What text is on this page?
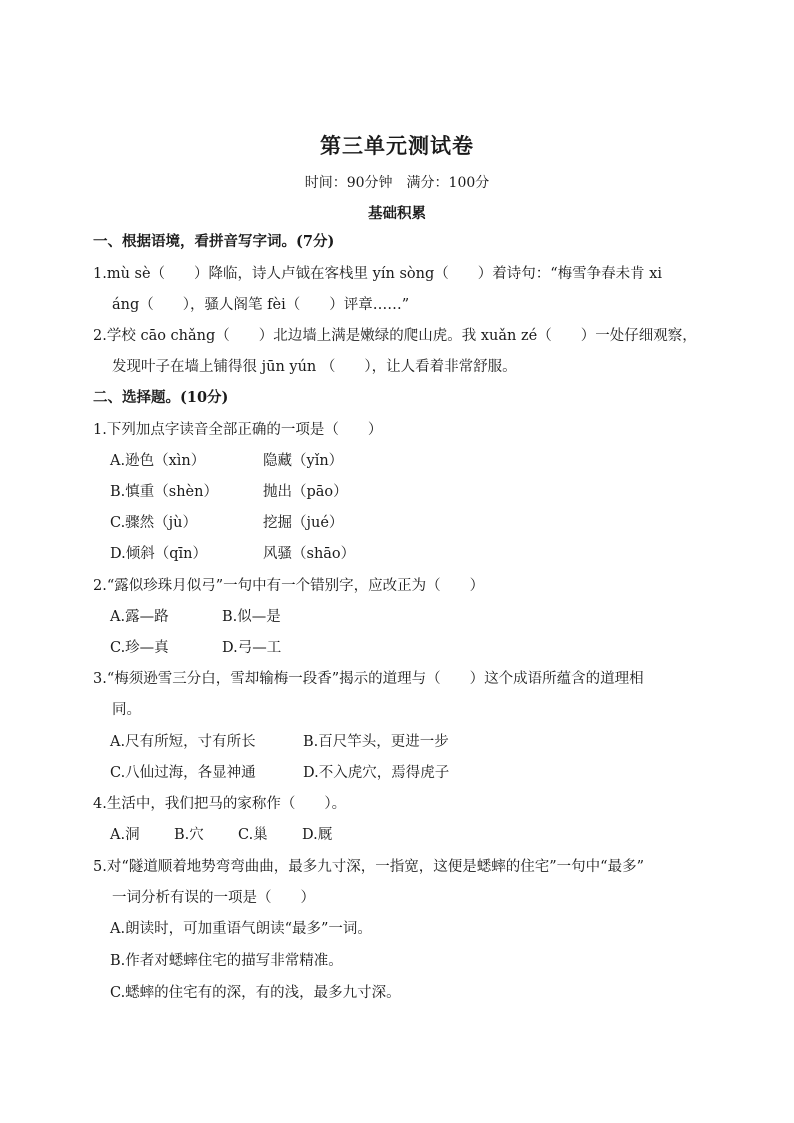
第三单元测试卷
时间：90分钟　满分：100分
基础积累
一、根据语境，看拼音写字词。(7分)
1.mù sè（　　）降临，诗人卢钺在客栈里 yín sòng（　　）着诗句：“梅雪争春未肯 xi
áng（　　），骚人阁笔 fèi（　　）评章……”
2.学校 cāo chǎng（　　）北边墙上满是嫩绿的爬山虎。我 xuǎn zé（　　）一处仔细观察，
发现叶子在墙上铺得很 jūn yún （　　），让人看着非常舒服。
二、选择题。(10分)
1.下列加点字读音全部正确的一项是（　　）
A.逊色（xìn）	隐藏（yǐn）
B.慎重（shèn）	抛出（pāo）
C.骤然（jù）	挖掘（jué）
D.倾斜（qīn）	风骚（shāo）
2.“露似珍珠月似弓”一句中有一个错别字，应改正为（　　）
A.露—路	B.似—是
C.珍—真	D.弓—工
3.“梅须逊雪三分白，雪却输梅一段香”揭示的道理与（　　）这个成语所蕴含的道理相
同。
A.尺有所短，寸有所长	B.百尺竿头，更进一步
C.八仙过海，各显神通	D.不入虎穴，焉得虎子
4.生活中，我们把马的家称作（　　）。
A.洞 B.穴 C.巢 D.厩
5.对“隧道顺着地势弯弯曲曲，最多九寸深，一指宽，这便是蟋蟀的住宅”一句中“最多”
一词分析有误的一项是（　　）
A.朗读时，可加重语气朗读“最多”一词。
B.作者对蟋蟀住宅的描写非常精准。
C.蟋蟀的住宅有的深，有的浅，最多九寸深。
